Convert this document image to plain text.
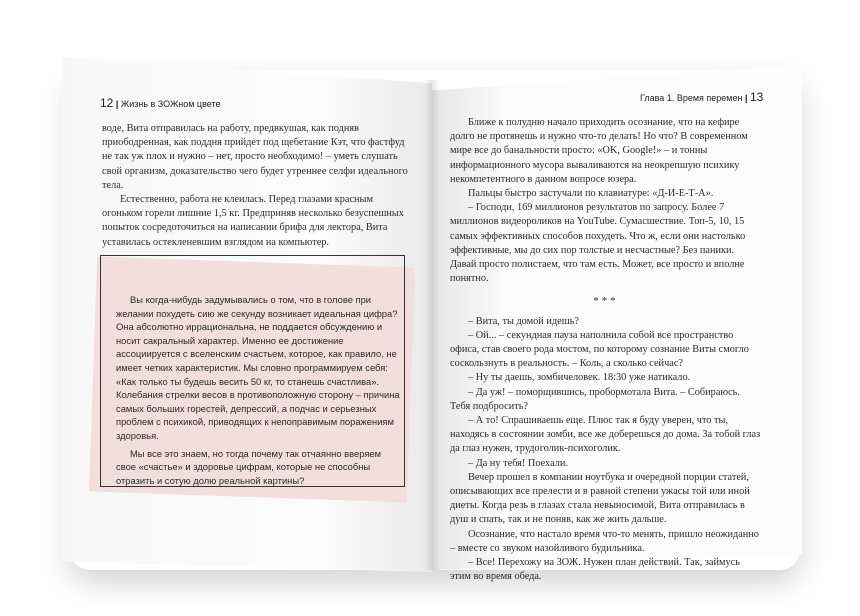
12 | Жизнь в ЗОЖном цвете
Глава 1. Время перемен | 13

воде, Вита отправилась на работу, предвкушая, как подняв приободренная, как поддня прийдет под щебетание Кэт, что фастфуд не так уж плох и нужно – нет, просто необходимо! – уметь слушать свой организм, доказательство чего будет утреннее селфи идеального тела.

Естественно, работа не клеилась. Перед глазами красным огоньком горели лишние 1,5 кг. Предприняв несколько безуспешных попыток сосредоточиться на написании брифа для лектора, Вита уставилась остекленевшим взглядом на компьютер.

Вы когда-нибудь задумывались о том, что в голове при желании похудеть сию же секунду возникает идеальная цифра? Она абсолютно иррациональна, не поддается обсуждению и носит сакральный характер. Именно ее достижение ассоциируется с вселенским счастьем, которое, как правило, не имеет четких характеристик. Мы словно программируем себя: «Как только ты будешь весить 50 кг, то станешь счастлива». Колебания стрелки весов в противоположную сторону – причина самых больших горестей, депрессий, а подчас и серьезных проблем с психикой, приводящих к непоправимым поражениям здоровья.

Мы все это знаем, но тогда почему так отчаянно вверяем свое «счастье» и здоровье цифрам, которые не способны отразить и сотую долю реальной картины?

Ближе к полудню начало приходить осознание, что на кефире долго не протянешь и нужно что-то делать! Но что? В современном мире все до банальности просто: «OK, Google!» – и тонны информационного мусора вываливаются на неокрепшую психику некомпетентного в данном вопросе юзера.

Пальцы быстро застучали по клавиатуре: «Д-И-Е-Т-А».

– Господи, 169 миллионов результатов по запросу. Более 7 миллионов видеороликов на YouTube. Сумасшествие. Топ-5, 10, 15 самых эффективных способов похудеть. Что ж, если они настолько эффективные, мы до сих пор толстые и несчастные? Без паники. Давай просто полистаем, что там есть. Может, все просто и вполне понятно.

***

– Вита, ты домой идешь?

– Ой... – секундная пауза наполнила собой все пространство офиса, став своего рода мостом, по которому сознание Виты смогло соскользнуть в реальность. – Коль, а сколько сейчас?

– Ну ты даешь, зомбичеловек. 18:30 уже натикало.

– Да уж! – поморщившись, пробормотала Вита. – Собираюсь. Тебя подбросить?

– А то! Спрашиваешь еще. Плюс так я буду уверен, что ты, находясь в состоянии зомби, все же доберешься до дома. За тобой глаз да глаз нужен, трудоголик-психоголик.

– Да ну тебя! Поехали.

Вечер прошел в компании ноутбука и очередной порции статей, описывающих все прелести и в равной степени ужасы той или иной диеты. Когда резь в глазах стала невыносимой, Вита отправилась в душ и спать, так и не поняв, как же жить дальше.

Осознание, что настало время что-то менять, пришло неожиданно – вместе со звуком назойливого будильника.

– Все! Перехожу на ЗОЖ. Нужен план действий. Так, займусь этим во время обеда.
